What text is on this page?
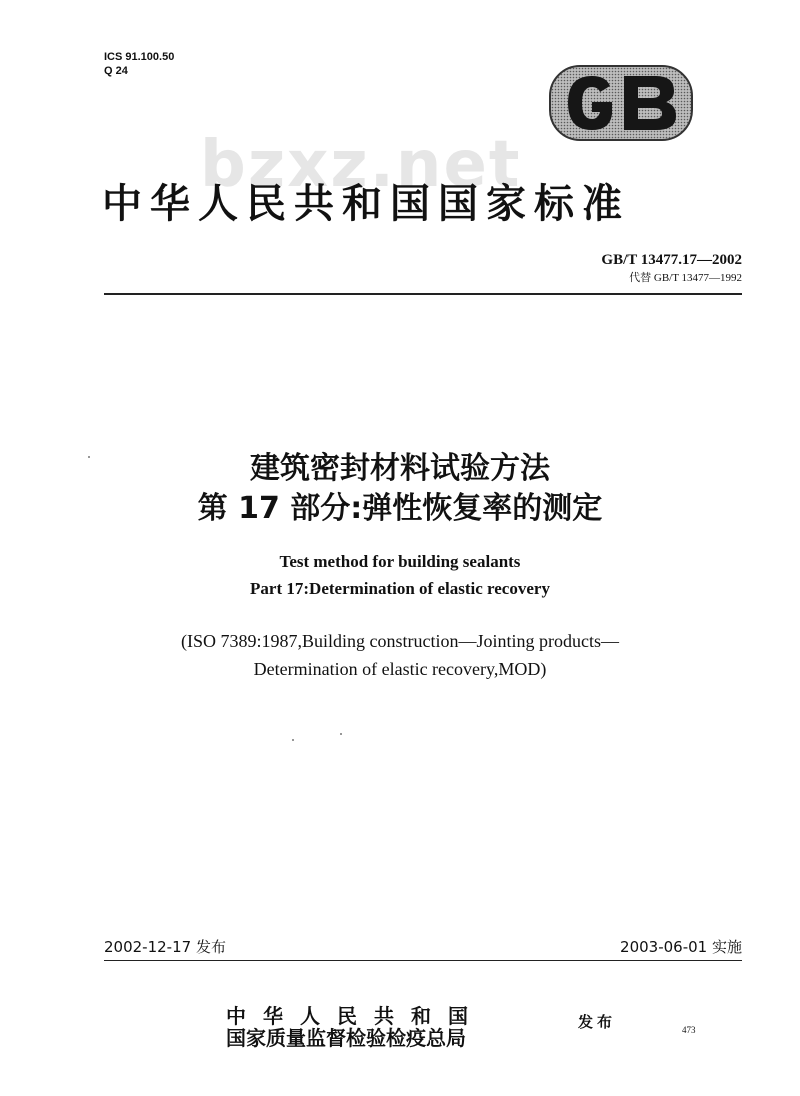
ICS 91.100.50
Q 24
bzxz.net
中华人民共和国国家标准
GB/T 13477.17—2002
代替 GB/T 13477—1992
建筑密封材料试验方法
第 17 部分:弹性恢复率的测定
Test method for building sealants
Part 17:Determination of elastic recovery
(ISO 7389:1987,Building construction—Jointing products—
Determination of elastic recovery,MOD)
2002-12-17 发布	2003-06-01 实施
中华人民共和国
国家质量监督检验检疫总局
发布	473
